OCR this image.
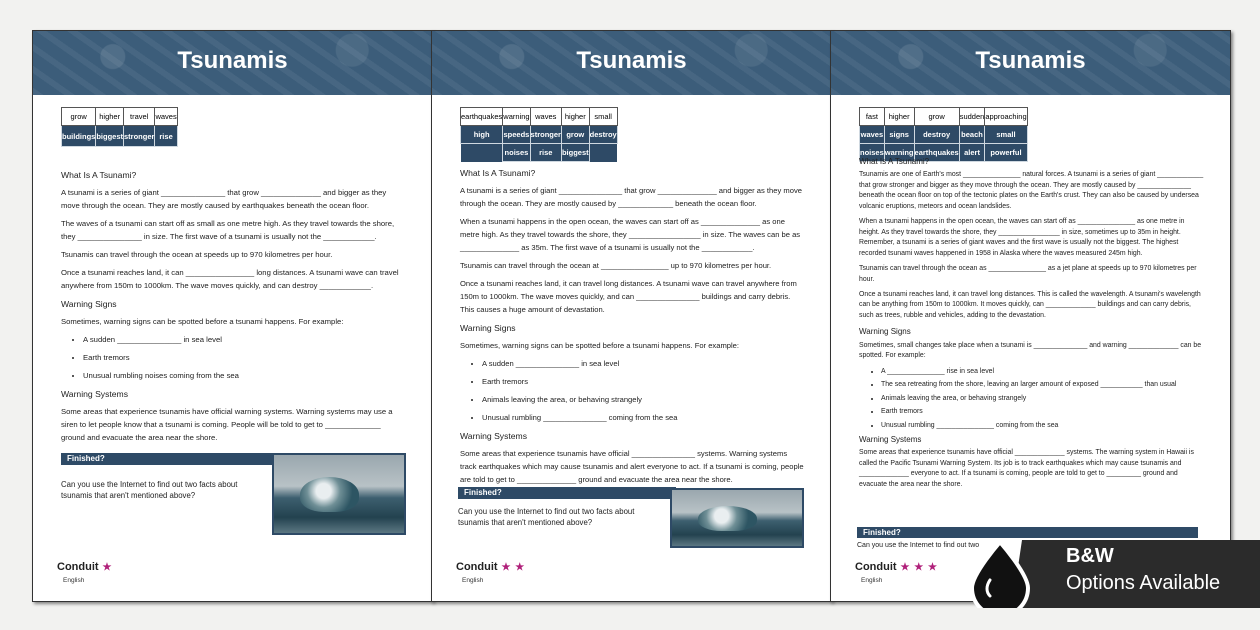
Tsunamis
grow	higher	travel	waves
buildings	biggest	stronger	rise
What Is A Tsunami?

A tsunami is a series of giant _______________ that grow ______________ and bigger as they move through the ocean. They are mostly caused by earthquakes beneath the ocean floor.

The waves of a tsunami can start off as small as one metre high. As they travel towards the shore, they _______________ in size. The first wave of a tsunami is usually not the ____________.

Tsunamis can travel through the ocean at speeds up to 970 kilometres per hour.

Once a tsunami reaches land, it can ________________ long distances. A tsunami wave can travel anywhere from 150m to 1000km. The wave moves quickly, and can destroy ____________.

Warning Signs

Sometimes, warning signs can be spotted before a tsunami happens. For example:

• A sudden _______________ in sea level
• Earth tremors
• Unusual rumbling noises coming from the sea
Warning Systems

Some areas that experience tsunamis have official warning systems. Warning systems may use a siren to let people know that a tsunami is coming. People will be told to get to _____________ ground and evacuate the area near the shore.

Finished?
Can you use the Internet to find out two facts about tsunamis that aren't mentioned above?
Conduit ★
English
Tsunamis
earthquakes	warning	waves	higher	small
high	speeds	stronger	grow	destroy
	noises	rise	biggest	
What Is A Tsunami?

A tsunami is a series of giant _______________ that grow ______________ and bigger as they move through the ocean. They are mostly caused by _____________ beneath the ocean floor.

When a tsunami happens in the open ocean, the waves can start off as ______________ as one metre high. As they travel towards the shore, they _________________ in size. The waves can be as ______________ as 35m. The first wave of a tsunami is usually not the ____________.

Tsunamis can travel through the ocean at ________________ up to 970 kilometres per hour.

Once a tsunami reaches land, it can travel long distances. A tsunami wave can travel anywhere from 150m to 1000km. The wave moves quickly, and can _______________ buildings and carry debris. This causes a huge amount of devastation.

Warning Signs

Sometimes, warning signs can be spotted before a tsunami happens. For example:

• A sudden _______________ in sea level
• Earth tremors
• Animals leaving the area, or behaving strangely
• Unusual rumbling _______________ coming from the sea
Warning Systems

Some areas that experience tsunamis have official _______________ systems. Warning systems track earthquakes which may cause tsunamis and alert everyone to act. If a tsunami is coming, people are told to get to ______________ ground and evacuate the area near the shore.

Finished?
Can you use the Internet to find out two facts about tsunamis that aren't mentioned above?
Conduit ★ ★
English
Tsunamis
fast	higher	grow	sudden	approaching
waves	signs	destroy	beach	small
noises	warning	earthquakes	alert	powerful
What Is A Tsunami?

Tsunamis are one of Earth's most _______________ natural forces. A tsunami is a series of giant ____________ that grow stronger and bigger as they move through the ocean. They are mostly caused by ______________ beneath the ocean floor on top of the tectonic plates on the Earth's crust. They can also be caused by undersea volcanic eruptions, meteors and ocean landslides.

When a tsunami happens in the open ocean, the waves can start off as _______________ as one metre in height. As they travel towards the shore, they ________________ in size, sometimes up to 35m in height. Remember, a tsunami is a series of giant waves and the first wave is usually not the biggest. The highest recorded tsunami waves happened in 1958 in Alaska where the waves measured 245m high.

Tsunamis can travel through the ocean as _______________ as a jet plane at speeds up to 970 kilometres per hour.

Once a tsunami reaches land, it can travel long distances. This is called the wavelength. A tsunami's wavelength can be anything from 150m to 1000km. It moves quickly, can _____________ buildings and can carry debris, such as trees, rubble and vehicles, adding to the devastation.

Warning Signs

Sometimes, small changes take place when a tsunami is ______________ and warning _____________ can be spotted. For example:

• A _______________ rise in sea level
• The sea retreating from the shore, leaving an larger amount of exposed ___________ than usual
• Animals leaving the area, or behaving strangely
• Earth tremors
• Unusual rumbling _______________ coming from the sea
Warning Systems

Some areas that experience tsunamis have official _____________ systems. The warning system in Hawaii is called the Pacific Tsunami Warning System. Its job is to track earthquakes which may cause tsunamis and _____________ everyone to act. If a tsunami is coming, people are told to get to _________ ground and evacuate the area near the shore.

Finished?
Can you use the Internet to find out two
Conduit ★ ★ ★
English
B&W
Options Available
